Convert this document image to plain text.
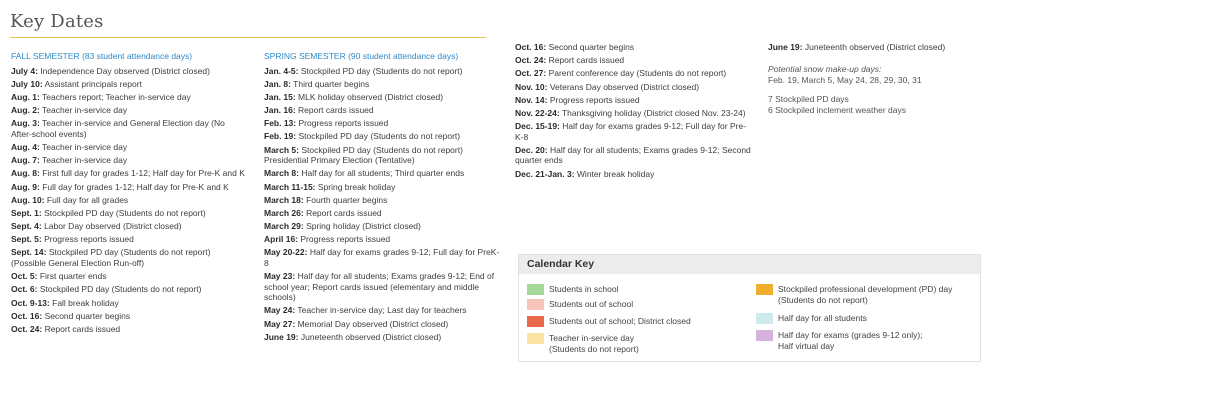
Key Dates
FALL SEMESTER (83 student attendance days)
July 4: Independence Day observed (District closed)
July 10: Assistant principals report
Aug. 1: Teachers report; Teacher in-service day
Aug. 2: Teacher in-service day
Aug. 3: Teacher in-service and General Election day (No After-school events)
Aug. 4: Teacher in-service day
Aug. 7: Teacher in-service day
Aug. 8: First full day for grades 1-12; Half day for Pre-K and K
Aug. 9: Full day for grades 1-12; Half day for Pre-K and K
Aug. 10: Full day for all grades
Sept. 1: Stockpiled PD day (Students do not report)
Sept. 4: Labor Day observed (District closed)
Sept. 5: Progress reports issued
Sept. 14: Stockpiled PD day (Students do not report) (Possible General Election Run-off)
Oct. 5: First quarter ends
Oct. 6: Stockpiled PD day (Students do not report)
Oct. 9-13: Fall break holiday
Oct. 16: Second quarter begins
Oct. 24: Report cards issued
SPRING SEMESTER (90 student attendance days)
Jan. 4-5: Stockpiled PD day (Students do not report)
Jan. 8: Third quarter begins
Jan. 15: MLK holiday observed (District closed)
Jan. 16: Report cards issued
Feb. 13: Progress reports issued
Feb. 19: Stockpiled PD day (Students do not report)
March 5: Stockpiled PD day (Students do not report) Presidential Primary Election (Tentative)
March 8: Half day for all students; Third quarter ends
March 11-15: Spring break holiday
March 18: Fourth quarter begins
March 26: Report cards issued
March 29: Spring holiday (District closed)
April 16: Progress reports issued
May 20-22: Half day for exams grades 9-12; Full day for PreK-8
May 23: Half day for all students; Exams grades 9-12; End of school year; Report cards issued (elementary and middle schools)
May 24: Teacher in-service day; Last day for teachers
May 27: Memorial Day observed (District closed)
June 19: Juneteenth observed (District closed)
Oct. 16: Second quarter begins
Oct. 24: Report cards issued
Oct. 27: Parent conference day (Students do not report)
Nov. 10: Veterans Day observed (District closed)
Nov. 14: Progress reports issued
Nov. 22-24: Thanksgiving holiday (District closed Nov. 23-24)
Dec. 15-19: Half day for exams grades 9-12; Full day for Pre-K-8
Dec. 20: Half day for all students; Exams grades 9-12; Second quarter ends
Dec. 21-Jan. 3: Winter break holiday
June 19: Juneteenth observed (District closed)
Potential snow make-up days:
Feb. 19, March 5, May 24, 28, 29, 30, 31
7 Stockpiled PD days
6 Stockpiled inclement weather days
Calendar Key
Students in school
Students out of school
Students out of school; District closed
Teacher in-service day
(Students do not report)
Stockpiled professional development (PD) day
(Students do not report)
Half day for all students
Half day for exams (grades 9-12 only);
Half virtual day
